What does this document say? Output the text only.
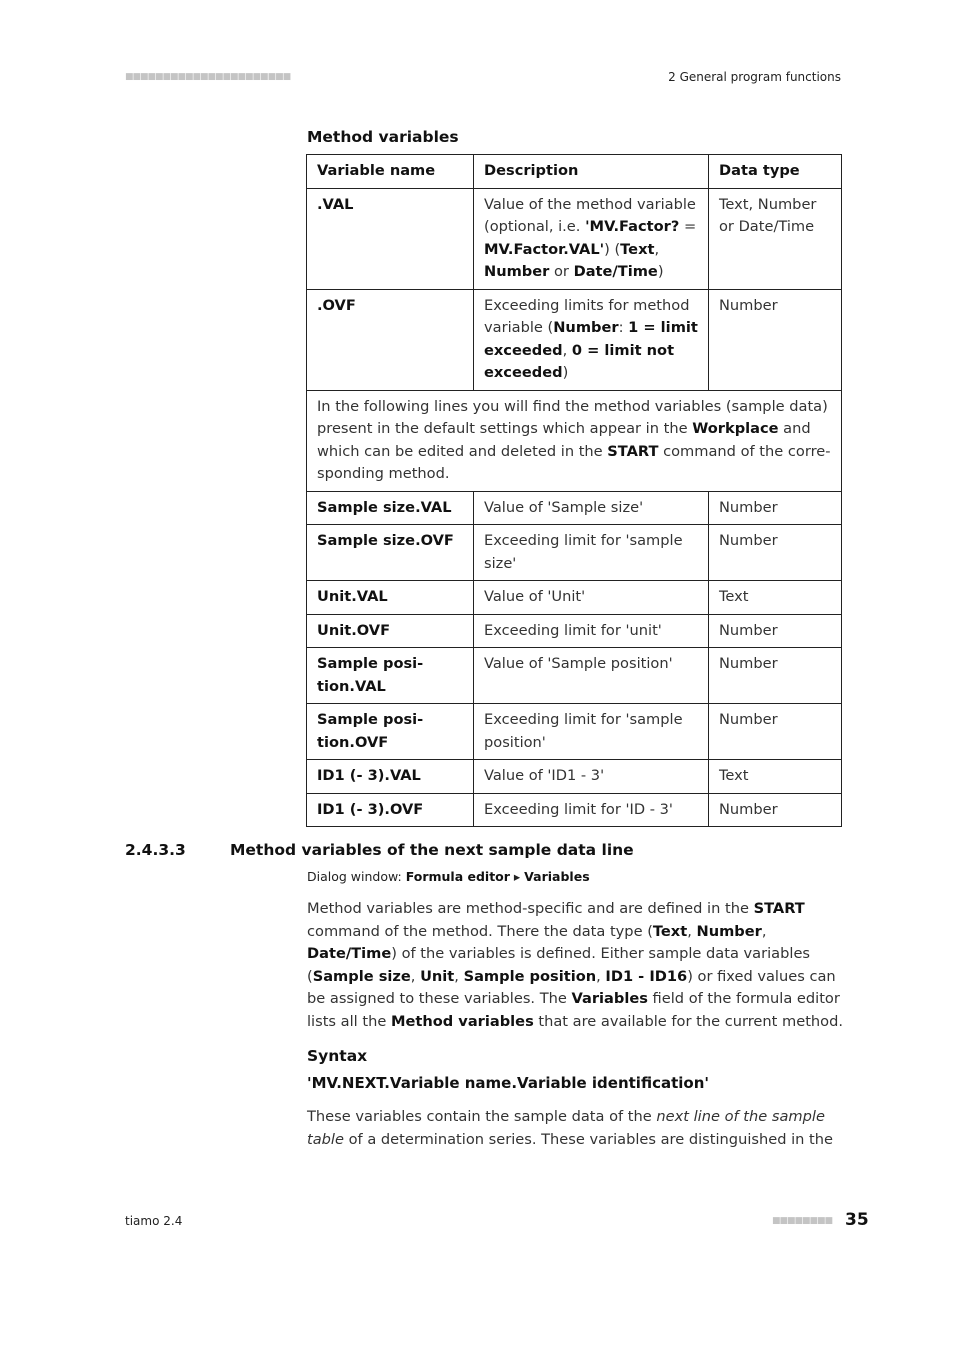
■■■■■■■■■■■■■■■■■■■■■■	2 General program functions
Method variables
Variable name	Description	Data type
.VAL	Value of the method variable (optional, i.e. 'MV.Factor? = MV.Factor.VAL') (Text, Number or Date/Time)	Text, Number or Date/Time
.OVF	Exceeding limits for method variable (Number: 1 = limit exceeded, 0 = limit not exceeded)	Number
In the following lines you will find the method variables (sample data) present in the default settings which appear in the Workplace and which can be edited and deleted in the START command of the corresponding method.		
Sample size.VAL	Value of 'Sample size'	Number
Sample size.OVF	Exceeding limit for 'sample size'	Number
Unit.VAL	Value of 'Unit'	Text
Unit.OVF	Exceeding limit for 'unit'	Number
Sample position.VAL	Value of 'Sample position'	Number
Sample position.OVF	Exceeding limit for 'sample position'	Number
ID1 (- 3).VAL	Value of 'ID1 - 3'	Text
ID1 (- 3).OVF	Exceeding limit for 'ID - 3'	Number
2.4.3.3	Method variables of the next sample data line
Dialog window: Formula editor ▸ Variables

Method variables are method-specific and are defined in the START command of the method. There the data type (Text, Number, Date/Time) of the variables is defined. Either sample data variables (Sample size, Unit, Sample position, ID1 - ID16) or fixed values can be assigned to these variables. The Variables field of the formula editor lists all the Method variables that are available for the current method.

Syntax
'MV.NEXT.Variable name.Variable identification'

These variables contain the sample data of the next line of the sample table of a determination series. These variables are distinguished in the

tiamo 2.4	■■■■■■■■ 35
